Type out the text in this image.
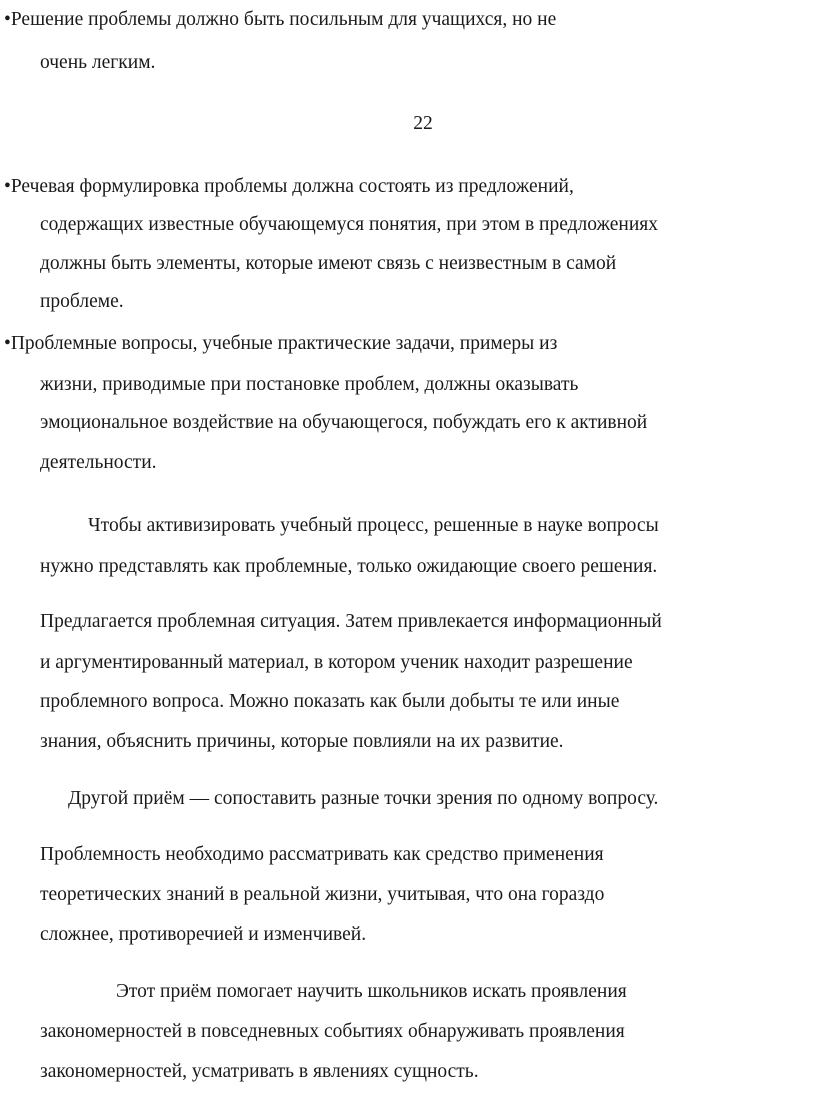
•Решение проблемы должно быть посильным для учащихся, но не
очень легким.
22
•Речевая формулировка проблемы должна состоять из предложений,
содержащих известные обучающемуся понятия, при этом в предложениях
должны быть элементы, которые имеют связь с неизвестным в самой
проблеме.
•Проблемные вопросы, учебные практические задачи, примеры из
жизни, приводимые при постановке проблем, должны оказывать
эмоциональное воздействие на обучающегося, побуждать его к активной
деятельности.
Чтобы активизировать учебный процесс, решенные в науке вопросы
нужно представлять как проблемные, только ожидающие своего решения.
Предлагается проблемная ситуация. Затем привлекается информационный
и аргументированный материал, в котором ученик находит разрешение
проблемного вопроса. Можно показать как были добыты те или иные
знания, объяснить причины, которые повлияли на их развитие.
Другой приём — сопоставить разные точки зрения по одному вопросу.
Проблемность необходимо рассматривать как средство применения
теоретических знаний в реальной жизни, учитывая, что она гораздо
сложнее, противоречией и изменчивей.
Этот приём помогает научить школьников искать проявления
закономерностей в повседневных событиях обнаруживать проявления
закономерностей, усматривать в явлениях сущность.
